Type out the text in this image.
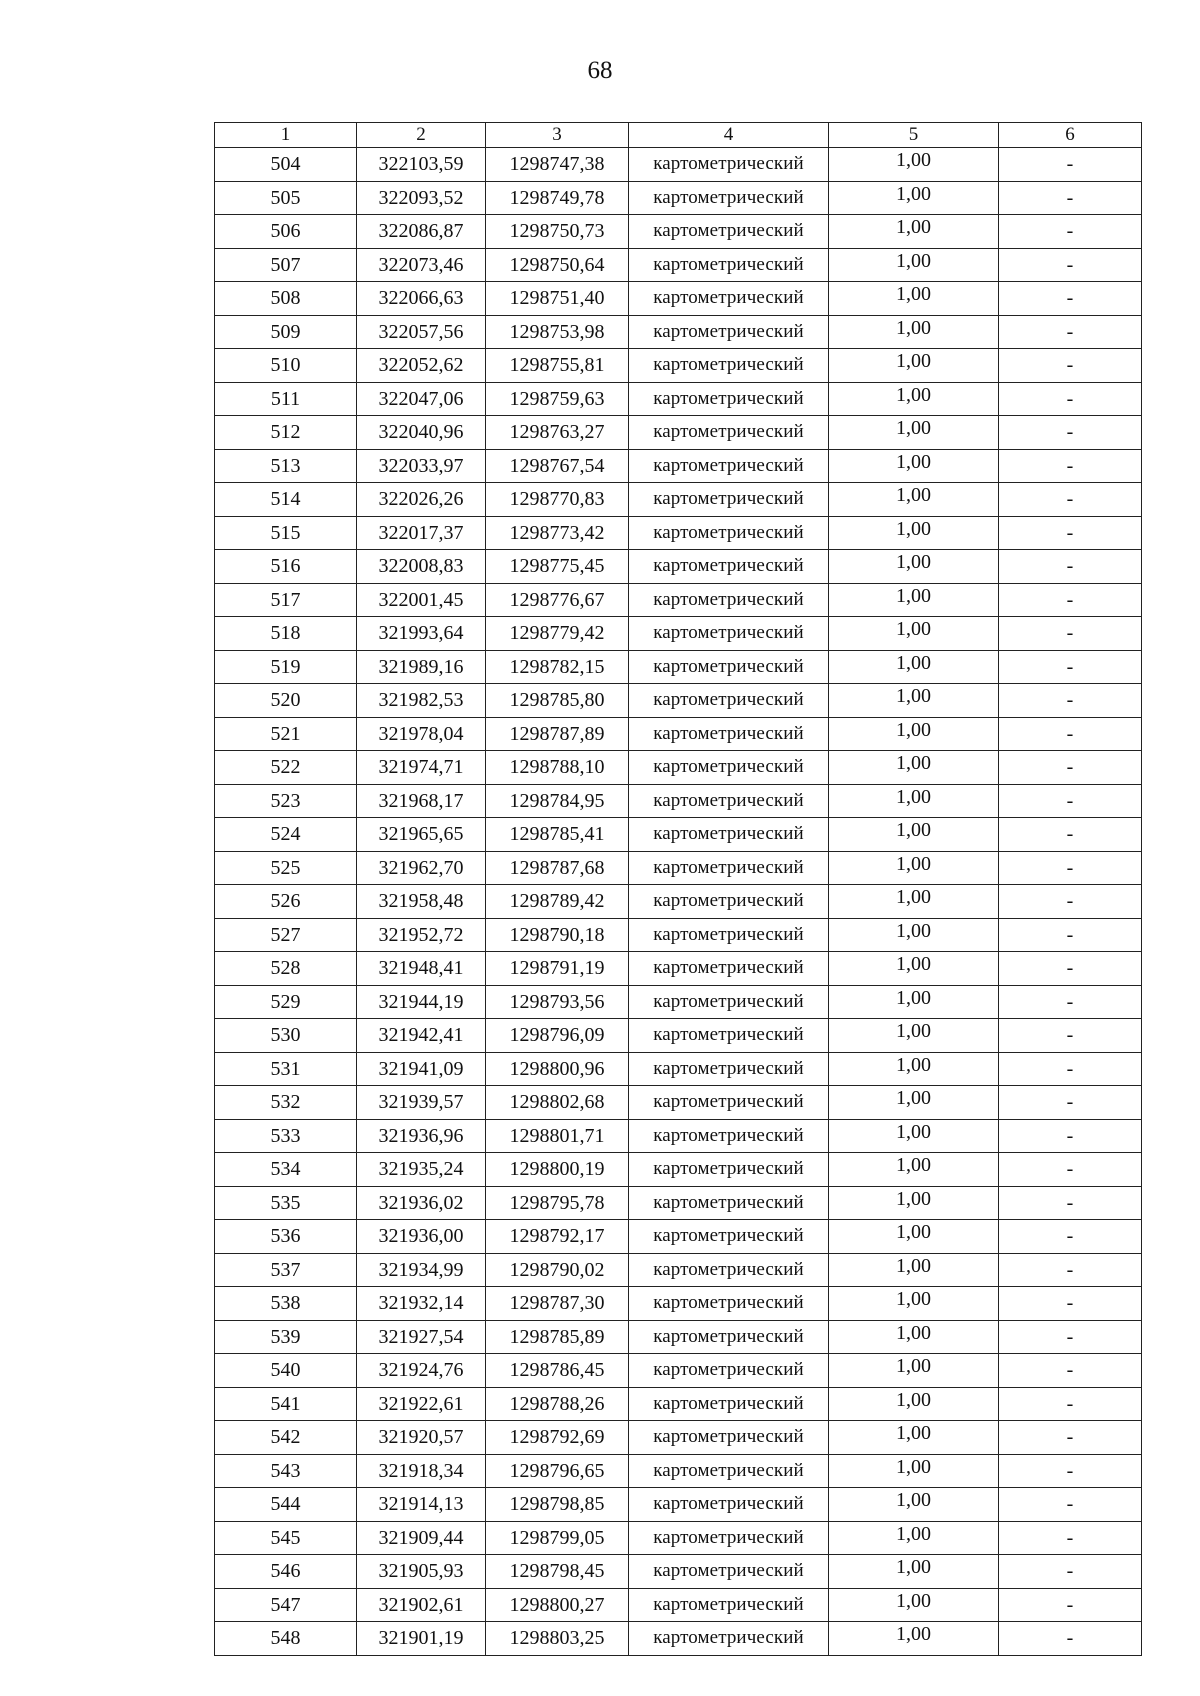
68
1	2	3	4	5	6
504	322103,59	1298747,38	картометрический	1,00	-
505	322093,52	1298749,78	картометрический	1,00	-
506	322086,87	1298750,73	картометрический	1,00	-
507	322073,46	1298750,64	картометрический	1,00	-
508	322066,63	1298751,40	картометрический	1,00	-
509	322057,56	1298753,98	картометрический	1,00	-
510	322052,62	1298755,81	картометрический	1,00	-
511	322047,06	1298759,63	картометрический	1,00	-
512	322040,96	1298763,27	картометрический	1,00	-
513	322033,97	1298767,54	картометрический	1,00	-
514	322026,26	1298770,83	картометрический	1,00	-
515	322017,37	1298773,42	картометрический	1,00	-
516	322008,83	1298775,45	картометрический	1,00	-
517	322001,45	1298776,67	картометрический	1,00	-
518	321993,64	1298779,42	картометрический	1,00	-
519	321989,16	1298782,15	картометрический	1,00	-
520	321982,53	1298785,80	картометрический	1,00	-
521	321978,04	1298787,89	картометрический	1,00	-
522	321974,71	1298788,10	картометрический	1,00	-
523	321968,17	1298784,95	картометрический	1,00	-
524	321965,65	1298785,41	картометрический	1,00	-
525	321962,70	1298787,68	картометрический	1,00	-
526	321958,48	1298789,42	картометрический	1,00	-
527	321952,72	1298790,18	картометрический	1,00	-
528	321948,41	1298791,19	картометрический	1,00	-
529	321944,19	1298793,56	картометрический	1,00	-
530	321942,41	1298796,09	картометрический	1,00	-
531	321941,09	1298800,96	картометрический	1,00	-
532	321939,57	1298802,68	картометрический	1,00	-
533	321936,96	1298801,71	картометрический	1,00	-
534	321935,24	1298800,19	картометрический	1,00	-
535	321936,02	1298795,78	картометрический	1,00	-
536	321936,00	1298792,17	картометрический	1,00	-
537	321934,99	1298790,02	картометрический	1,00	-
538	321932,14	1298787,30	картометрический	1,00	-
539	321927,54	1298785,89	картометрический	1,00	-
540	321924,76	1298786,45	картометрический	1,00	-
541	321922,61	1298788,26	картометрический	1,00	-
542	321920,57	1298792,69	картометрический	1,00	-
543	321918,34	1298796,65	картометрический	1,00	-
544	321914,13	1298798,85	картометрический	1,00	-
545	321909,44	1298799,05	картометрический	1,00	-
546	321905,93	1298798,45	картометрический	1,00	-
547	321902,61	1298800,27	картометрический	1,00	-
548	321901,19	1298803,25	картометрический	1,00	-
